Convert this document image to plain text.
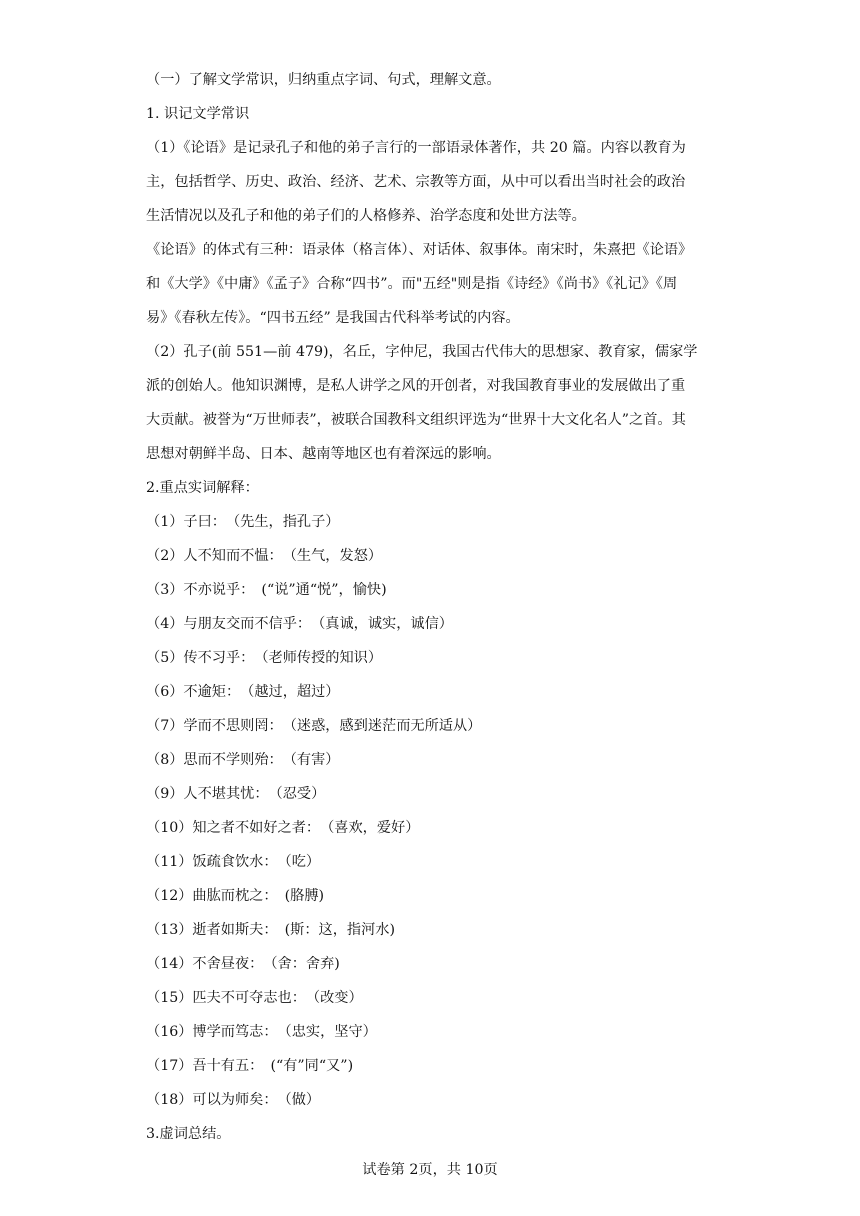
（一）了解文学常识，归纳重点字词、句式，理解文意。
1. 识记文学常识
（1）《论语》是记录孔子和他的弟子言行的一部语录体著作，共 20 篇。内容以教育为
主，包括哲学、历史、政治、经济、艺术、宗教等方面，从中可以看出当时社会的政治
生活情况以及孔子和他的弟子们的人格修养、治学态度和处世方法等。
《论语》的体式有三种：语录体（格言体）、对话体、叙事体。南宋时，朱熹把《论语》
和《大学》《中庸》《孟子》合称“四书”。而"五经"则是指《诗经》《尚书》《礼记》《周
易》《春秋左传》。“四书五经” 是我国古代科举考试的内容。
（2）孔子(前 551—前 479)，名丘，字仲尼，我国古代伟大的思想家、教育家，儒家学
派的创始人。他知识渊博，是私人讲学之风的开创者，对我国教育事业的发展做出了重
大贡献。被誉为“万世师表”，被联合国教科文组织评选为“世界十大文化名人”之首。其
思想对朝鲜半岛、日本、越南等地区也有着深远的影响。
2.重点实词解释：
（1）子曰：　（先生，指孔子）
（2）人不知而不愠：　（生气，发怒）
（3）不亦说乎：　(“说”通“悦”，愉快)
（4）与朋友交而不信乎：　（真诚，诚实，诚信）
（5）传不习乎：　（老师传授的知识）
（6）不逾矩：　（越过，超过）
（7）学而不思则罔：　（迷惑，感到迷茫而无所适从）
（8）思而不学则殆：　（有害）
（9）人不堪其忧：　（忍受）
（10）知之者不如好之者：　（喜欢，爱好）
（11）饭疏食饮水：　（吃）
（12）曲肱而枕之：　(胳膊)
（13）逝者如斯夫：　(斯：这，指河水)
（14）不舍昼夜：　（舍：舍弃)
（15）匹夫不可夺志也：　（改变）
（16）博学而笃志：　（忠实，坚守）
（17）吾十有五：　(“有”同“又”)
（18）可以为师矣：　（做）
3.虚词总结。
试卷第 2页，共 10页
